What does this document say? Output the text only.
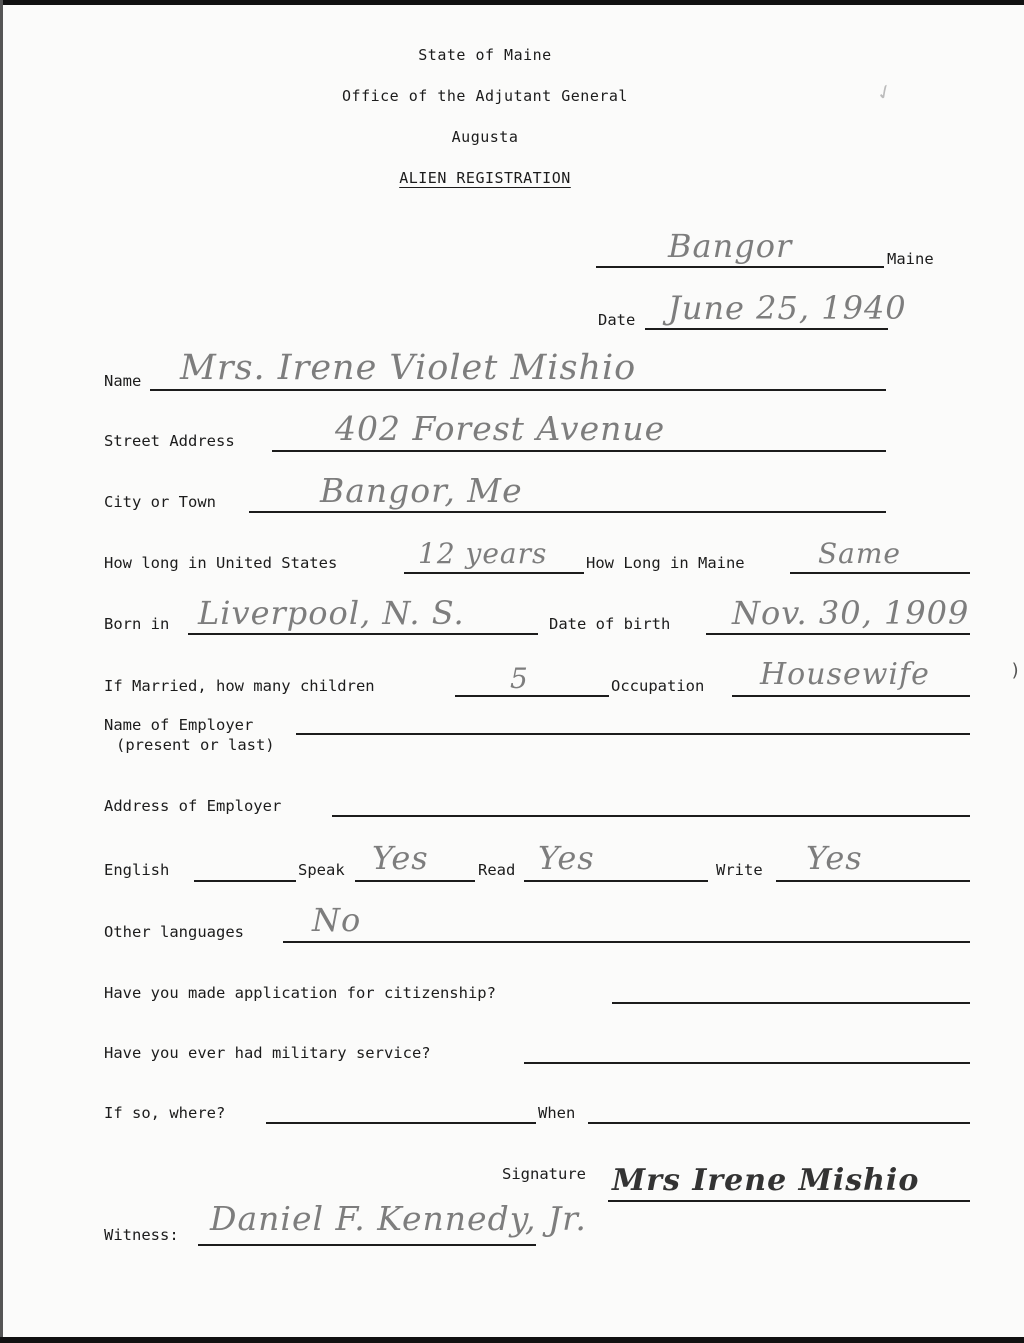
)
✓
State of Maine
Office of the Adjutant General
Augusta
ALIEN REGISTRATION
Bangor	Maine
Date June 25, 1940
Name Mrs. Irene Violet Mishio
Street Address	402 Forest Avenue
City or Town	Bangor, Me
How long in United States	12 years How Long in Maine	Same
Born in Liverpool, N. S.	Date of birth Nov. 30, 1909
If Married, how many children	5	Occupation Housewife
Name of Employer
(present or last)
Address of Employer
English	Speak Yes	Read Yes	Write Yes
Other languages No
Have you made application for citizenship?
Have you ever had military service?
If so, where?	When
Signature Mrs Irene Mishio
Witness: Daniel F. Kennedy, Jr.
